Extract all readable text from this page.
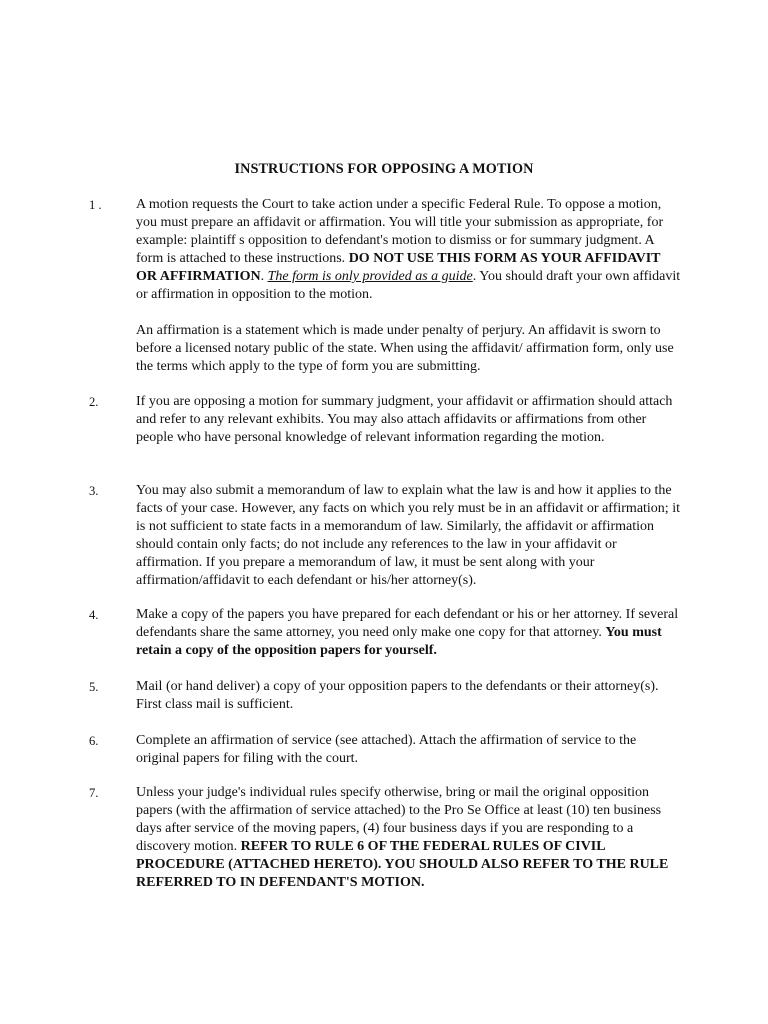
INSTRUCTIONS FOR OPPOSING A MOTION
1 . A motion requests the Court to take action under a specific Federal Rule. To oppose a motion, you must prepare an affidavit or affirmation. You will title your submission as appropriate, for example: plaintiff s opposition to defendant's motion to dismiss or for summary judgment. A form is attached to these instructions. DO NOT USE THIS FORM AS YOUR AFFIDAVIT OR AFFIRMATION. The form is only provided as a guide. You should draft your own affidavit or affirmation in opposition to the motion.

An affirmation is a statement which is made under penalty of perjury. An affidavit is sworn to before a licensed notary public of the state. When using the affidavit/ affirmation form, only use the terms which apply to the type of form you are submitting.

2.	If you are opposing a motion for summary judgment, your affidavit or affirmation should attach and refer to any relevant exhibits. You may also attach affidavits or affirmations from other people who have personal knowledge of relevant information regarding the motion.

3.	You may also submit a memorandum of law to explain what the law is and how it applies to the facts of your case. However, any facts on which you rely must be in an affidavit or affirmation; it is not sufficient to state facts in a memorandum of law. Similarly, the affidavit or affirmation should contain only facts; do not include any references to the law in your affidavit or affirmation. If you prepare a memorandum of law, it must be sent along with your affirmation/affidavit to each defendant or his/her attorney(s).

4.	Make a copy of the papers you have prepared for each defendant or his or her attorney. If several defendants share the same attorney, you need only make one copy for that attorney. You must retain a copy of the opposition papers for yourself.

5.	Mail (or hand deliver) a copy of your opposition papers to the defendants or their attorney(s). First class mail is sufficient.

6.	Complete an affirmation of service (see attached). Attach the affirmation of service to the original papers for filing with the court.

7.	Unless your judge's individual rules specify otherwise, bring or mail the original opposition papers (with the affirmation of service attached) to the Pro Se Office at least (10) ten business days after service of the moving papers, (4) four business days if you are responding to a discovery motion. REFER TO RULE 6 OF THE FEDERAL RULES OF CIVIL PROCEDURE (ATTACHED HERETO). YOU SHOULD ALSO REFER TO THE RULE REFERRED TO IN DEFENDANT'S MOTION.
